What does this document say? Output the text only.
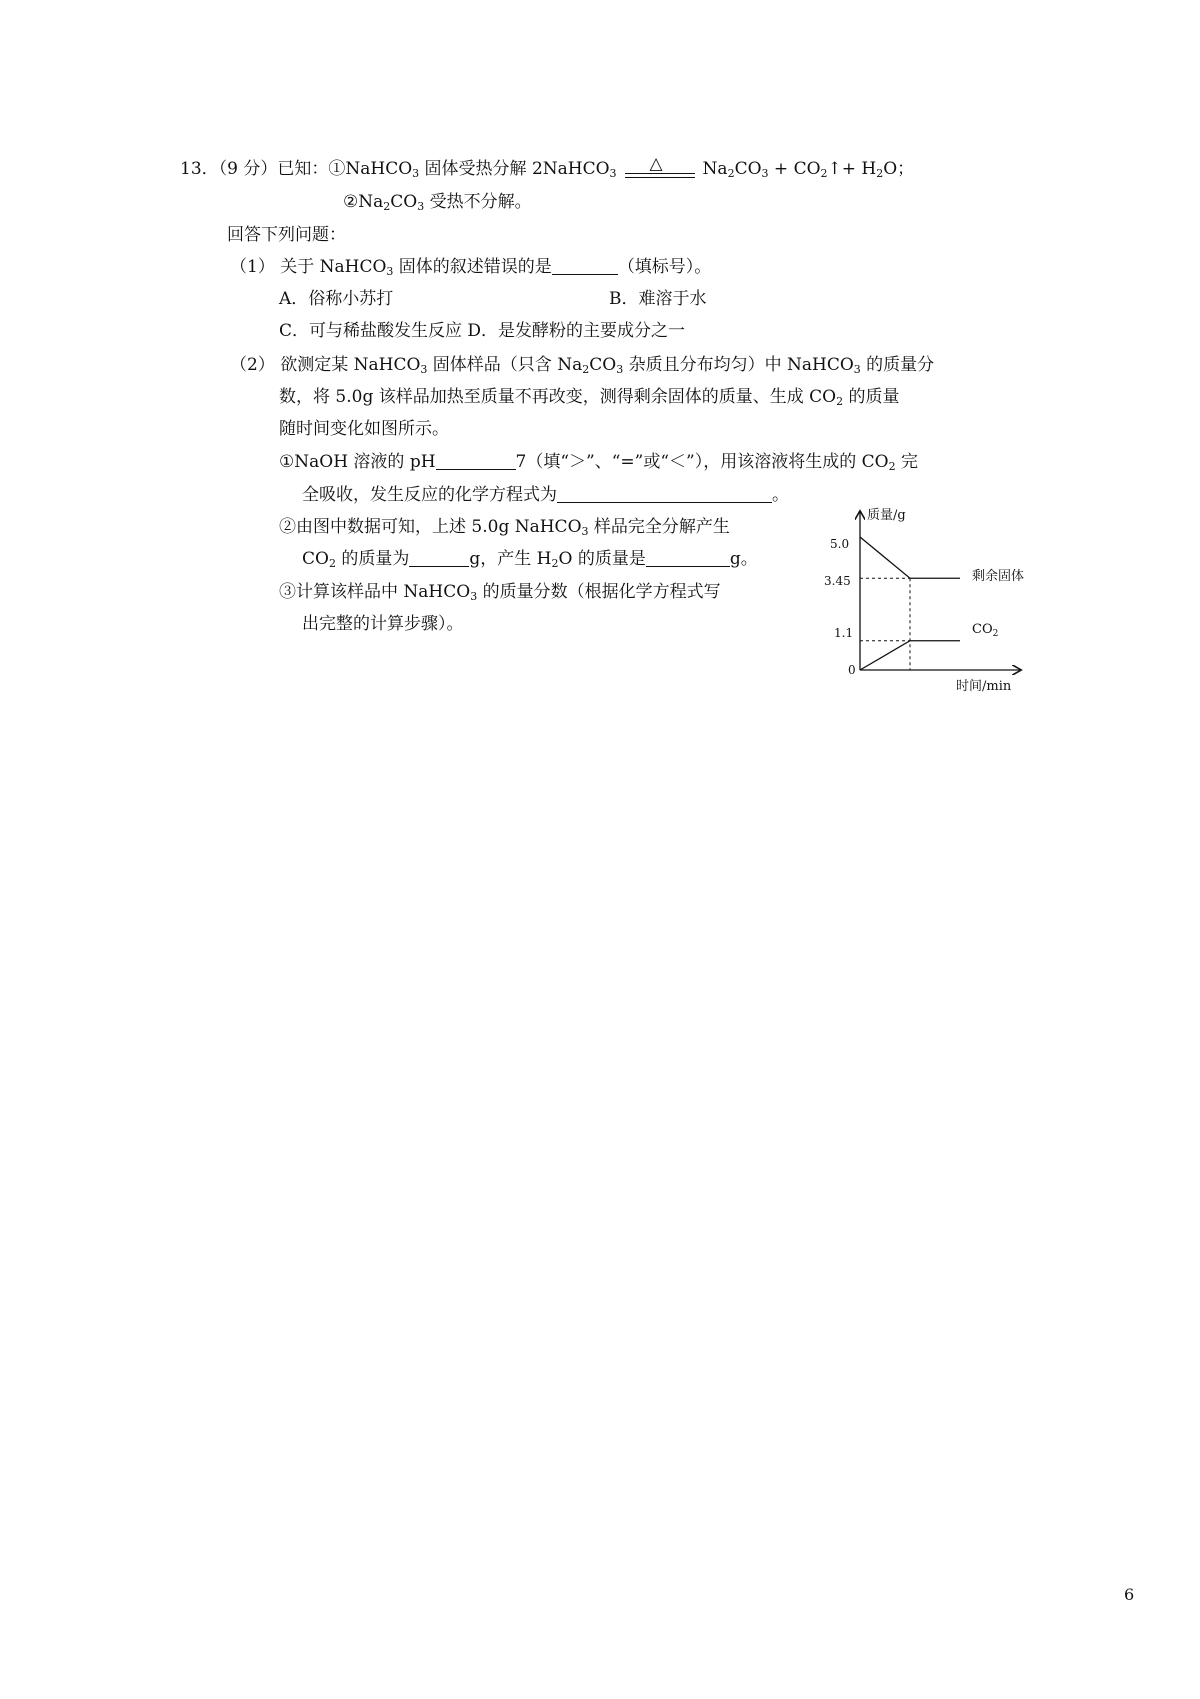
13．（9 分）已知：①NaHCO$_3$ 固体受热分解 2NaHCO$_3$ △ $Na_2CO_3$ + $CO_2↑+ H_2O$；
$②Na_2CO_3$ 受热不分解。
回答下列问题：
（1） 关于 NaHCO$_3$ 固体的叙述错误的是	（填标号）。
A．俗称小苏打	B．难溶于水
C．可与稀盐酸发生反应 D．是发酵粉的主要成分之一
（2） 欲测定某 NaHCO$_3$ 固体样品（只含 $Na_2CO_3$ 杂质且分布均匀）中 NaHCO$_3$ 的质量分
数，将 5.0g 该样品加热至质量不再改变，测得剩余固体的质量、生成 $CO_2$ 的质量
随时间变化如图所示。
①NaOH 溶液的 pH	7（填“＞”、“=”或“＜”），用该溶液将生成的 $CO_2$ 完
全吸收，发生反应的化学方程式为	。
②由图中数据可知，上述 5.0g NaHCO$_3$ 样品完全分解产生
$CO_2$ 的质量为	g，产生 $H_2O$ 的质量是	g。
③计算该样品中 NaHCO$_3$ 的质量分数（根据化学方程式写
出完整的计算步骤）。
质量/g
时间/min
5.0
3.45
1.1
0
剩余固体
$CO_2$
6
